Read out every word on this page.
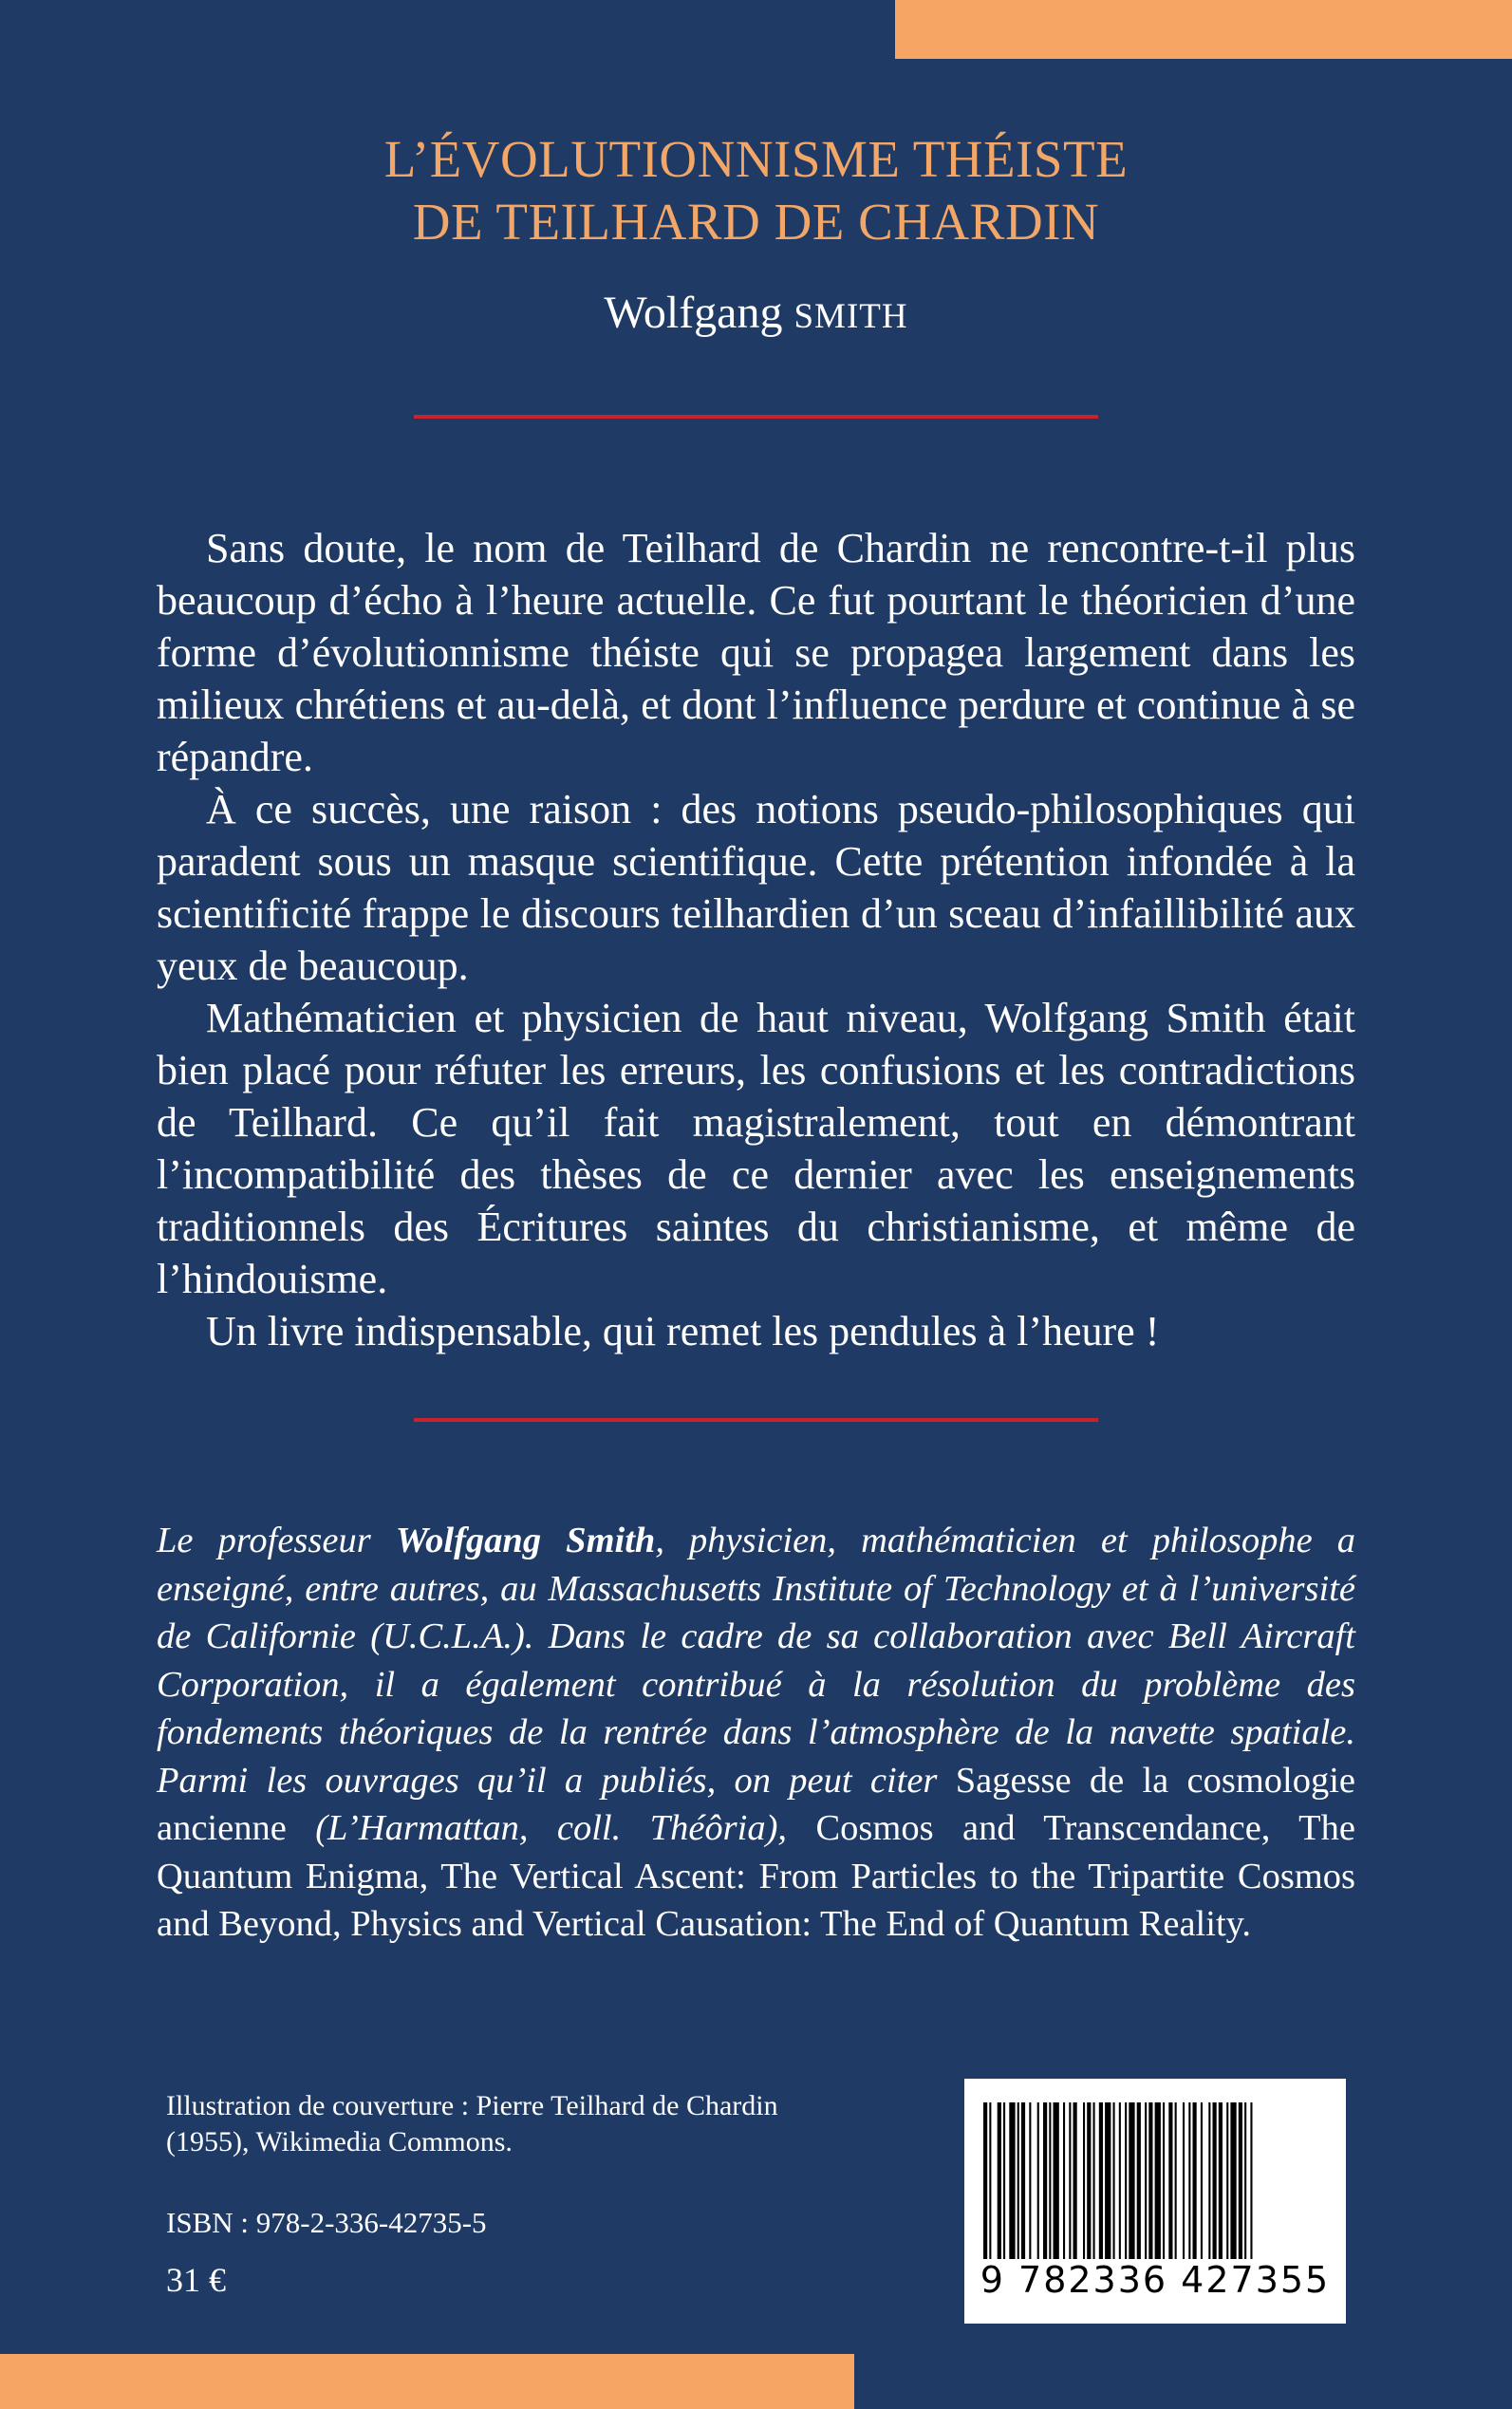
L’ÉVOLUTIONNISME THÉISTE
DE TEILHARD DE CHARDIN
Wolfgang SMITH

Sans doute, le nom de Teilhard de Chardin ne rencontre-t-il plus beaucoup d’écho à l’heure actuelle. Ce fut pourtant le théoricien d’une forme d’évolutionnisme théiste qui se propagea largement dans les milieux chrétiens et au-delà, et dont l’influence perdure et continue à se répandre.

À ce succès, une raison : des notions pseudo-philosophiques qui paradent sous un masque scientifique. Cette prétention infondée à la scientificité frappe le discours teilhardien d’un sceau d’infaillibilité aux yeux de beaucoup.

Mathématicien et physicien de haut niveau, Wolfgang Smith était bien placé pour réfuter les erreurs, les confusions et les contradictions de Teilhard. Ce qu’il fait magistralement, tout en démontrant l’incompatibilité des thèses de ce dernier avec les enseignements traditionnels des Écritures saintes du christianisme, et même de l’hindouisme.

Un livre indispensable, qui remet les pendules à l’heure !

Le professeur Wolfgang Smith, physicien, mathématicien et philosophe a enseigné, entre autres, au Massachusetts Institute of Technology et à l’université de Californie (U.C.L.A.). Dans le cadre de sa collaboration avec Bell Aircraft Corporation, il a également contribué à la résolution du problème des fondements théoriques de la rentrée dans l’atmosphère de la navette spatiale. Parmi les ouvrages qu’il a publiés, on peut citer Sagesse de la cosmologie ancienne (L’Harmattan, coll. Théôria), Cosmos and Transcendance, The Quantum Enigma, The Vertical Ascent: From Particles to the Tripartite Cosmos and Beyond, Physics and Vertical Causation: The End of Quantum Reality.
Illustration de couverture : Pierre Teilhard de Chardin (1955), Wikimedia Commons.
ISBN : 978-2-336-42735-5
31 €	9 782336 427355
